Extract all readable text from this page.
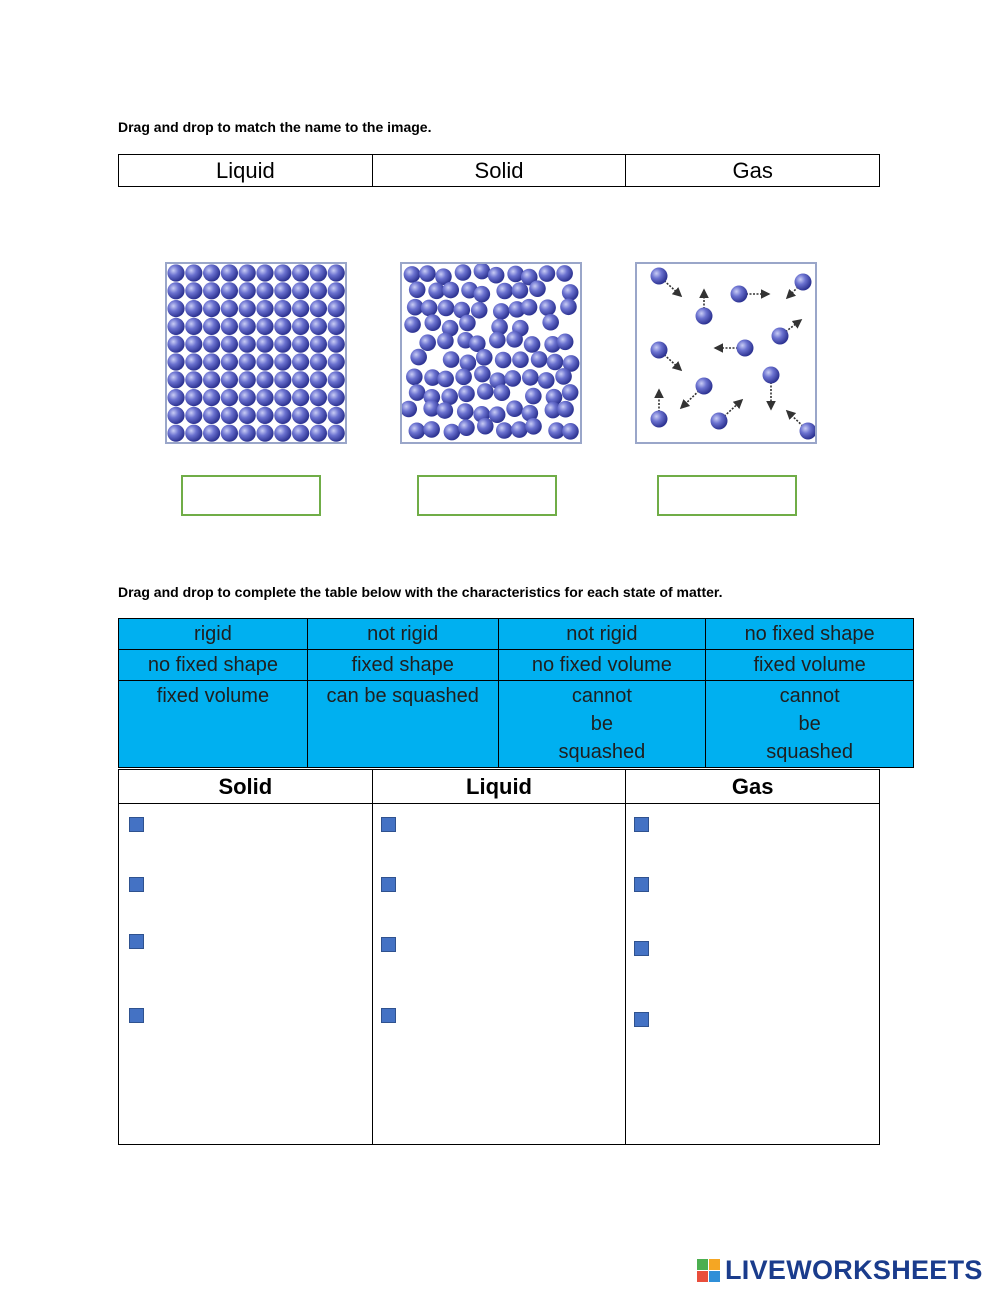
Drag and drop to match the name to the image.
Liquid	Solid	Gas
Drag and drop to complete the table below with the characteristics for each state of matter.
rigid	not rigid	not rigid	no fixed shape
no fixed shape	fixed shape	no fixed volume	fixed volume
fixed volume	can be squashed	cannot be squashed	cannot be squashed
Solid	Liquid	Gas
LIVEWORKSHEETS
